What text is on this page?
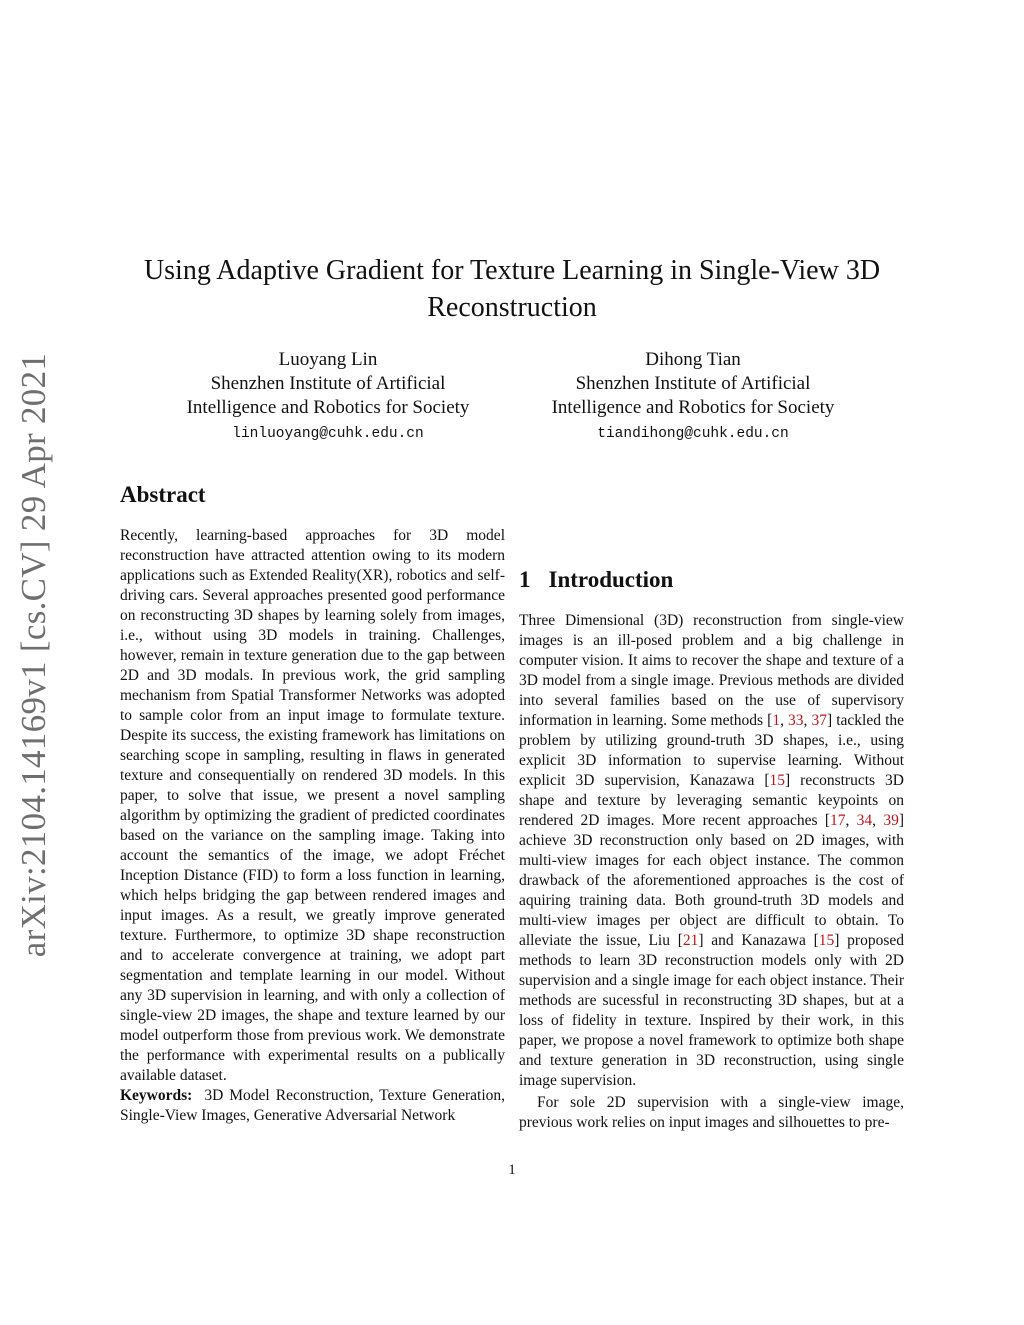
arXiv:2104.14169v1 [cs.CV] 29 Apr 2021
Using Adaptive Gradient for Texture Learning in Single-View 3D Reconstruction
Luoyang Lin
Shenzhen Institute of Artificial
Intelligence and Robotics for Society
linluoyang@cuhk.edu.cn
Dihong Tian
Shenzhen Institute of Artificial
Intelligence and Robotics for Society
tiandihong@cuhk.edu.cn
Abstract

Recently, learning-based approaches for 3D model reconstruction have attracted attention owing to its modern applications such as Extended Reality(XR), robotics and self-driving cars. Several approaches presented good performance on reconstructing 3D shapes by learning solely from images, i.e., without using 3D models in training. Challenges, however, remain in texture generation due to the gap between 2D and 3D modals. In previous work, the grid sampling mechanism from Spatial Transformer Networks was adopted to sample color from an input image to formulate texture. Despite its success, the existing framework has limitations on searching scope in sampling, resulting in flaws in generated texture and consequentially on rendered 3D models. In this paper, to solve that issue, we present a novel sampling algorithm by optimizing the gradient of predicted coordinates based on the variance on the sampling image. Taking into account the semantics of the image, we adopt Fréchet Inception Distance (FID) to form a loss function in learning, which helps bridging the gap between rendered images and input images. As a result, we greatly improve generated texture. Furthermore, to optimize 3D shape reconstruction and to accelerate convergence at training, we adopt part segmentation and template learning in our model. Without any 3D supervision in learning, and with only a collection of single-view 2D images, the shape and texture learned by our model outperform those from previous work. We demonstrate the performance with experimental results on a publically available dataset.

Keywords: 3D Model Reconstruction, Texture Generation, Single-View Images, Generative Adversarial Network

1 Introduction

Three Dimensional (3D) reconstruction from single-view images is an ill-posed problem and a big challenge in computer vision. It aims to recover the shape and texture of a 3D model from a single image. Previous methods are divided into several families based on the use of supervisory information in learning. Some methods [1, 33, 37] tackled the problem by utilizing ground-truth 3D shapes, i.e., using explicit 3D information to supervise learning. Without explicit 3D supervision, Kanazawa [15] reconstructs 3D shape and texture by leveraging semantic keypoints on rendered 2D images. More recent approaches [17, 34, 39] achieve 3D reconstruction only based on 2D images, with multi-view images for each object instance. The common drawback of the aforementioned approaches is the cost of aquiring training data. Both ground-truth 3D models and multi-view images per object are difficult to obtain. To alleviate the issue, Liu [21] and Kanazawa [15] proposed methods to learn 3D reconstruction models only with 2D supervision and a single image for each object instance. Their methods are sucessful in reconstructing 3D shapes, but at a loss of fidelity in texture. Inspired by their work, in this paper, we propose a novel framework to optimize both shape and texture generation in 3D reconstruction, using single image supervision.

For sole 2D supervision with a single-view image, previous work relies on input images and silhouettes to pre-

1
